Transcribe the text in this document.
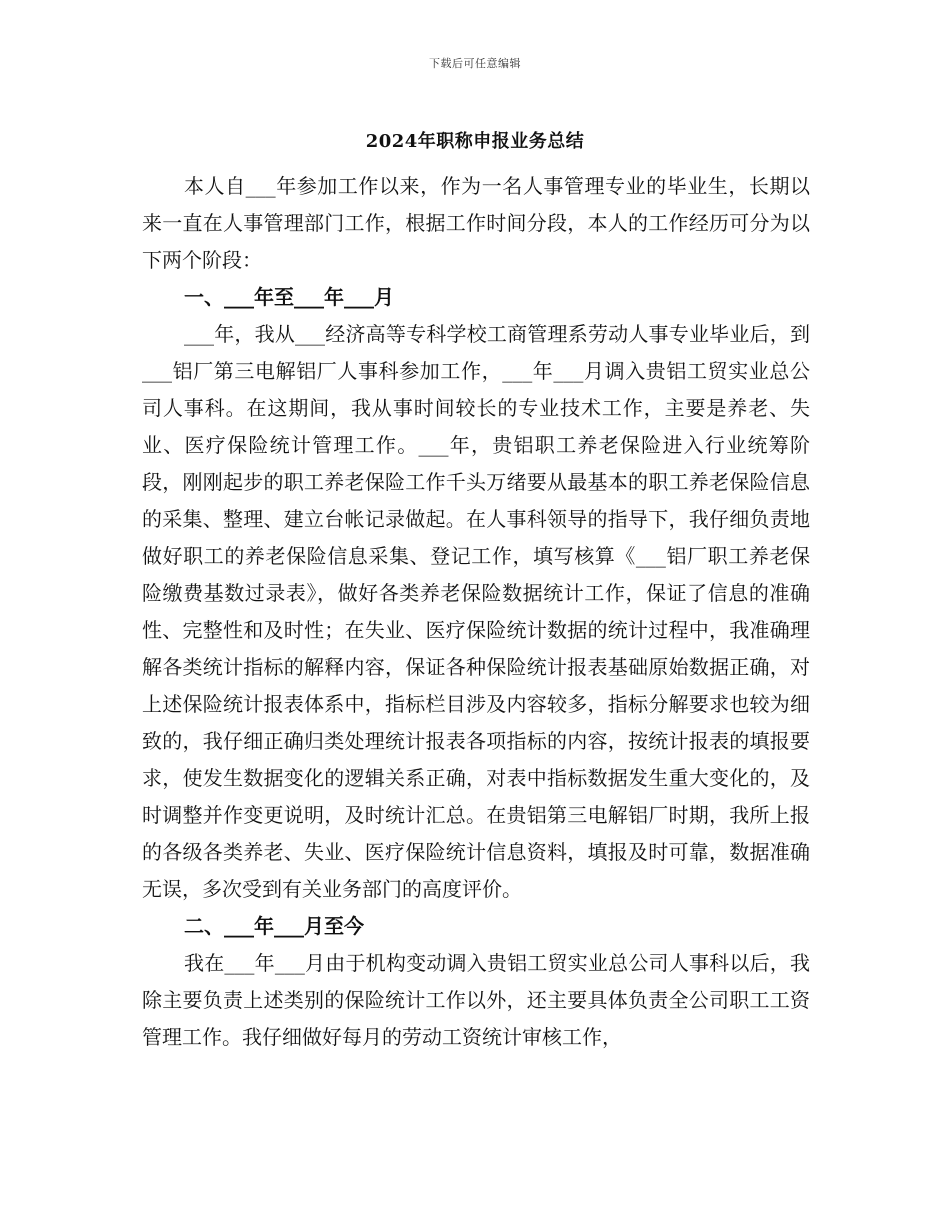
下载后可任意编辑
2024年职称申报业务总结

本人自___年参加工作以来，作为一名人事管理专业的毕业生，长期以来一直在人事管理部门工作，根据工作时间分段，本人的工作经历可分为以下两个阶段：

一、___年至___年___月

___年，我从___经济高等专科学校工商管理系劳动人事专业毕业后，到___铝厂第三电解铝厂人事科参加工作，___年___月调入贵铝工贸实业总公司人事科。在这期间，我从事时间较长的专业技术工作，主要是养老、失业、医疗保险统计管理工作。___年，贵铝职工养老保险进入行业统筹阶段，刚刚起步的职工养老保险工作千头万绪要从最基本的职工养老保险信息的采集、整理、建立台帐记录做起。在人事科领导的指导下，我仔细负责地做好职工的养老保险信息采集、登记工作，填写核算《___铝厂职工养老保险缴费基数过录表》，做好各类养老保险数据统计工作，保证了信息的准确性、完整性和及时性；在失业、医疗保险统计数据的统计过程中，我准确理解各类统计指标的解释内容，保证各种保险统计报表基础原始数据正确，对上述保险统计报表体系中，指标栏目涉及内容较多，指标分解要求也较为细致的，我仔细正确归类处理统计报表各项指标的内容，按统计报表的填报要求，使发生数据变化的逻辑关系正确，对表中指标数据发生重大变化的，及时调整并作变更说明，及时统计汇总。在贵铝第三电解铝厂时期，我所上报的各级各类养老、失业、医疗保险统计信息资料，填报及时可靠，数据准确无误，多次受到有关业务部门的高度评价。

二、___年___月至今

我在___年___月由于机构变动调入贵铝工贸实业总公司人事科以后，我除主要负责上述类别的保险统计工作以外，还主要具体负责全公司职工工资管理工作。我仔细做好每月的劳动工资统计审核工作，
